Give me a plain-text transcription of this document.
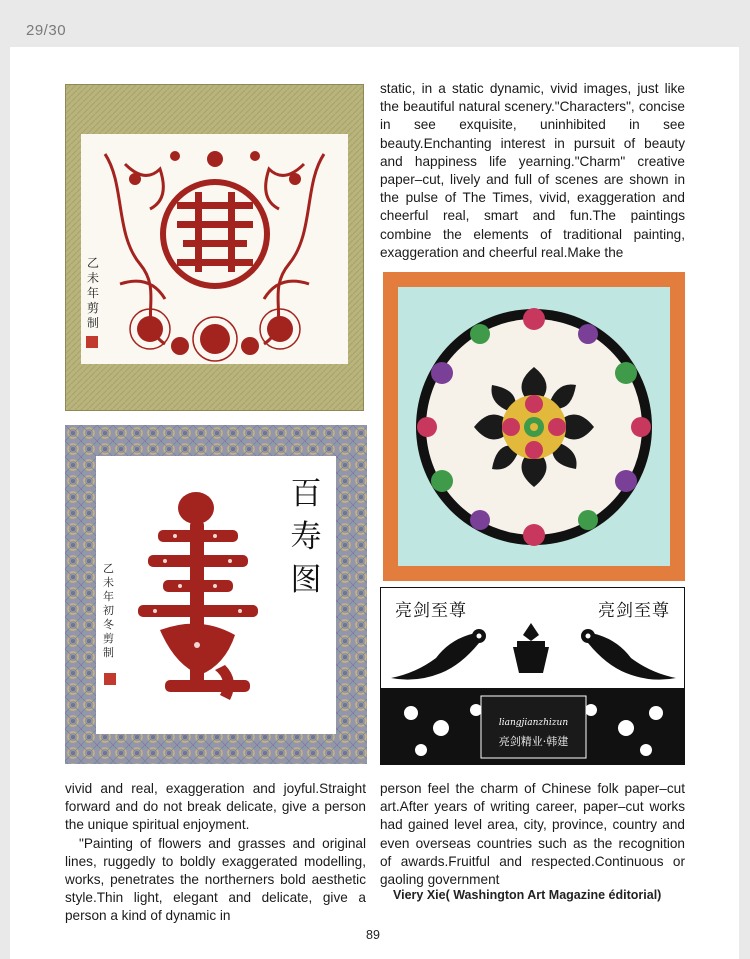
29/30
乙未年剪制

static, in a static dynamic, vivid images, just like the beautiful natural scenery."Characters", concise in see exquisite, uninhibited in see beauty.Enchanting interest in pursuit of beauty and happiness life yearning."Charm" creative paper–cut, lively and full of scenes are shown in the pulse of The Times, vivid, exaggeration and cheerful real, smart and fun.The paintings combine the elements of traditional painting, exaggeration and cheerful real.Make the

百
寿
图
乙未年初冬剪制
亮剑至尊	亮剑至尊
liangjianzhizun
亮剑精业·韩建

vivid and real, exaggeration and joyful.Straight forward and do not break delicate, give a person the unique spiritual enjoyment.

"Painting of flowers and grasses and original lines, ruggedly to boldly exaggerated modelling, works, penetrates the northerners bold aesthetic style.Thin light, elegant and delicate, give a person a kind of dynamic in

person feel the charm of Chinese folk paper–cut art.After years of writing career, paper–cut works had gained level area, city, province, country and even overseas countries such as the recognition of awards.Fruitful and respected.Continuous or gaoling government

Viery Xie( Washington Art Magazine éditorial)
89
